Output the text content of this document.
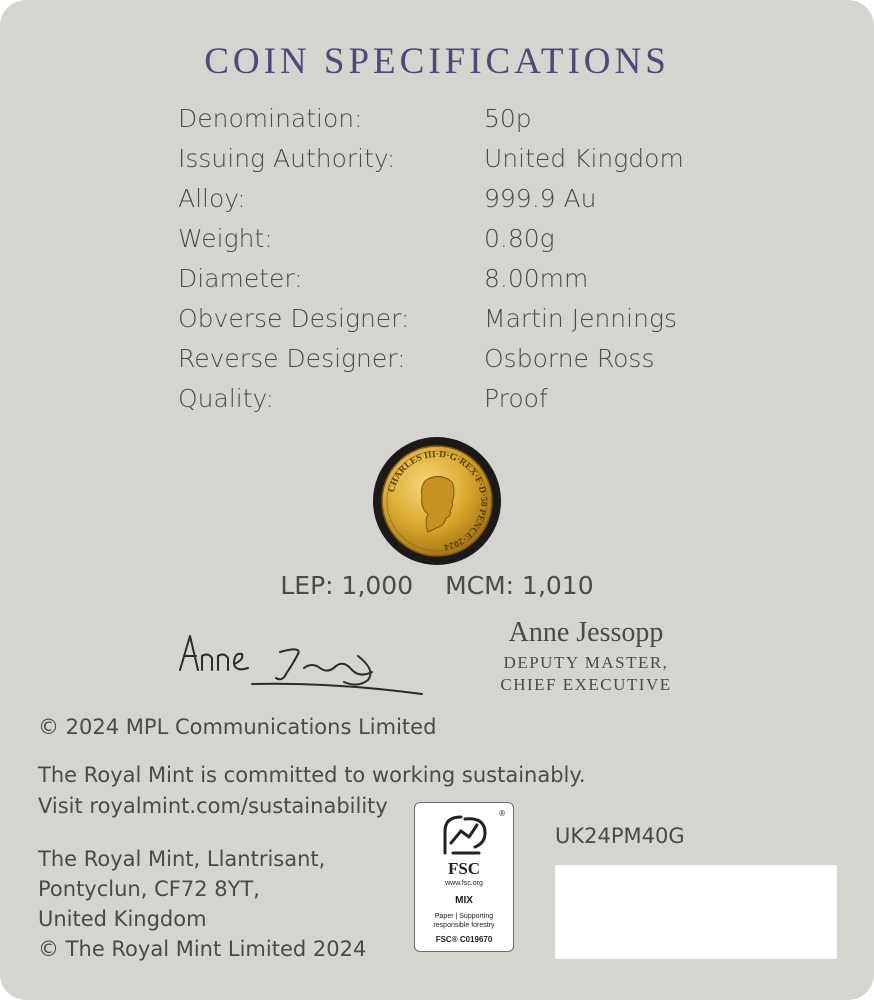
COIN SPECIFICATIONS
Denomination:	50p
Issuing Authority:	United Kingdom
Alloy:	999.9 Au
Weight:	0.80g
Diameter:	8.00mm
Obverse Designer:	Martin Jennings
Reverse Designer:	Osborne Ross
Quality:	Proof
CHARLES III·D·G·REX·F·D·50 PENCE·2024
LEP: 1,000 MCM: 1,010
Anne Jessopp
DEPUTY MASTER,
CHIEF EXECUTIVE
© 2024 MPL Communications Limited
The Royal Mint is committed to working sustainably.
Visit royalmint.com/sustainability
The Royal Mint, Llantrisant,
Pontyclun, CF72 8YT,
United Kingdom
© The Royal Mint Limited 2024
®
FSC
www.fsc.org
MIX
Paper | Supporting
responsible forestry
FSC® C019670
UK24PM40G
